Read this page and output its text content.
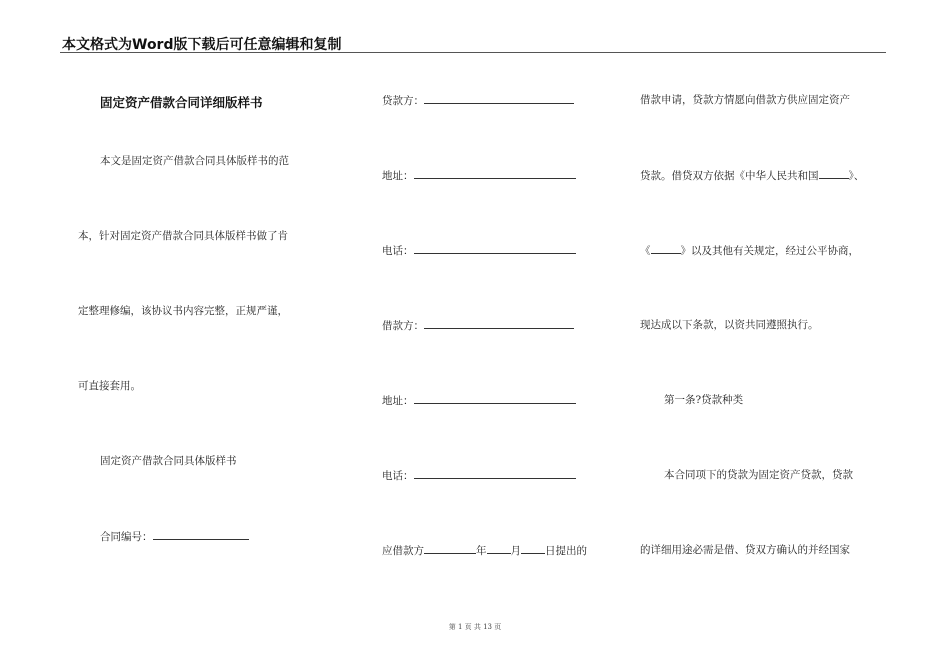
本文格式为Word版下载后可任意编辑和复制
固定资产借款合同详细版样书
本文是固定资产借款合同具体版样书的范
本，针对固定资产借款合同具体版样书做了肯
定整理修编，该协议书内容完整，正规严谨，
可直接套用。
固定资产借款合同具体版样书
合同编号：
贷款方：
地址：
电话：
借款方：
地址：
电话：
应借款方	年 月 日提出的
借款申请，贷款方情愿向借款方供应固定资产
贷款。借贷双方依据《中华人民共和国	》、
《	》以及其他有关规定，经过公平协商，
现达成以下条款，以资共同遵照执行。
第一条?贷款种类
本合同项下的贷款为固定资产贷款，贷款
的详细用途必需是借、贷双方确认的并经国家
第 1 页 共 13 页
